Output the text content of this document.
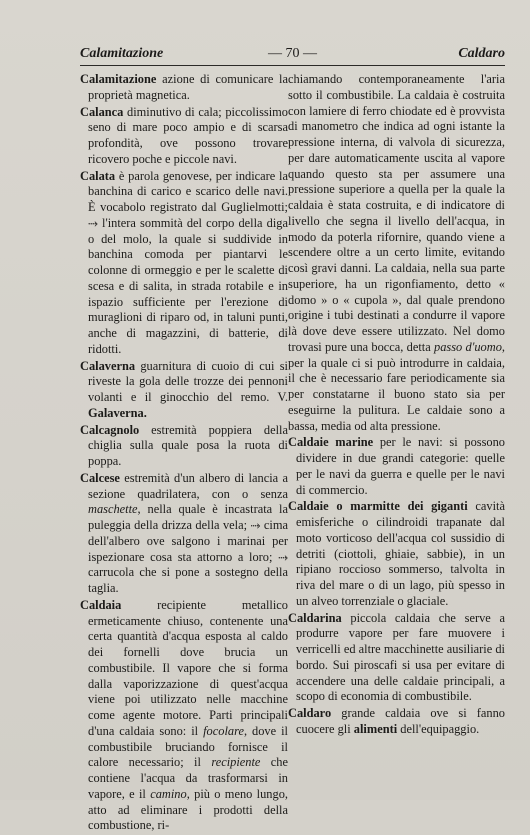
Calamitazione	— 70 —	Caldaro

Calamitazione azione di comunicare la proprietà magnetica.

Calanca diminutivo di cala; piccolissimo seno di mare poco ampio e di scarsa profondità, ove possono trovare ricovero poche e piccole navi.

Calata è parola genovese, per indicare la banchina di carico e scarico delle navi. È vocabolo registrato dal Guglielmotti; ⤑ l'intera sommità del corpo della diga o del molo, la quale si suddivide in banchina comoda per piantarvi le colonne di ormeggio e per le scalette di scesa e di salita, in strada rotabile e in ispazio sufficiente per l'erezione di muraglioni di riparo od, in taluni punti, anche di magazzini, di batterie, di ridotti.

Calaverna guarnitura di cuoio di cui si riveste la gola delle trozze dei pennoni volanti e il ginocchio del remo. V. Galaverna.

Calcagnolo estremità poppiera della chiglia sulla quale posa la ruota di poppa.

Calcese estremità d'un albero di lancia a sezione quadrilatera, con o senza maschette, nella quale è incastrata la puleggia della drizza della vela; ⤑ cima dell'albero ove salgono i marinai per ispezionare cosa sta attorno a loro; ⤑ carrucola che si pone a sostegno della taglia.

Caldaia recipiente metallico ermeticamente chiuso, contenente una certa quantità d'acqua esposta al caldo dei fornelli dove brucia un combustibile. Il vapore che si forma dalla vaporizzazione di quest'acqua viene poi utilizzato nelle macchine come agente motore. Parti principali d'una caldaia sono: il focolare, dove il combustibile bruciando fornisce il calore necessario; il recipiente che contiene l'acqua da trasformarsi in vapore, e il camino, più o meno lungo, atto ad eliminare i prodotti della combustione, ri-

chiamando contemporaneamente l'aria sotto il combustibile. La caldaia è costruita con lamiere di ferro chiodate ed è provvista di manometro che indica ad ogni istante la pressione interna, di valvola di sicurezza, per dare automaticamente uscita al vapore quando questo sta per assumere una pressione superiore a quella per la quale la caldaia è stata costruita, e di indicatore di livello che segna il livello dell'acqua, in modo da poterla rifornire, quando viene a scendere oltre a un certo limite, evitando così gravi danni. La caldaia, nella sua parte superiore, ha un rigonfiamento, detto « domo » o « cupola », dal quale prendono origine i tubi destinati a condurre il vapore là dove deve essere utilizzato. Nel domo trovasi pure una bocca, detta passo d'uomo, per la quale ci si può introdurre in caldaia, il che è necessario fare periodicamente sia per constatarne il buono stato sia per eseguirne la pulitura. Le caldaie sono a bassa, media od alta pressione.

Caldaie marine per le navi: si possono dividere in due grandi categorie: quelle per le navi da guerra e quelle per le navi di commercio.

Caldaie o marmitte dei giganti cavità emisferiche o cilindroidi trapanate dal moto vorticoso dell'acqua col sussidio di detriti (ciottoli, ghiaie, sabbie), in un ripiano roccioso sommerso, talvolta in riva del mare o di un lago, più spesso in un alveo torrenziale o glaciale.

Caldarina piccola caldaia che serve a produrre vapore per fare muovere i verricelli ed altre macchinette ausiliarie di bordo. Sui piroscafi si usa per evitare di accendere una delle caldaie principali, a scopo di economia di combustibile.

Caldaro grande caldaia ove si fanno cuocere gli alimenti dell'equipaggio.
